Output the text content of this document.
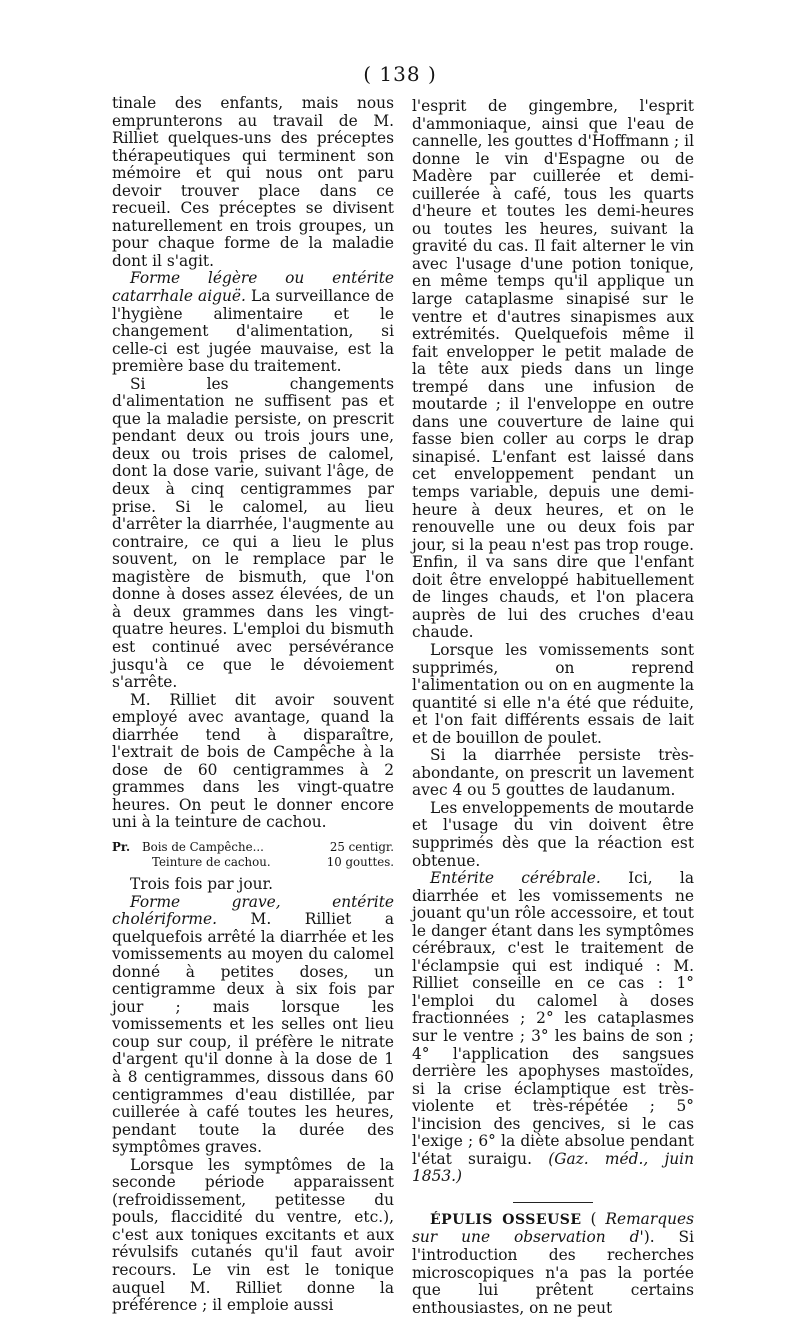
( 138 )

tinale des enfants, mais nous emprunterons au travail de M. Rilliet quelques-uns des préceptes thérapeutiques qui terminent son mémoire et qui nous ont paru devoir trouver place dans ce recueil. Ces préceptes se divisent naturellement en trois groupes, un pour chaque forme de la maladie dont il s'agit.

Forme légère ou entérite catarrhale aiguë. La surveillance de l'hygiène alimentaire et le changement d'alimentation, si celle-ci est jugée mauvaise, est la première base du traitement.

Si les changements d'alimentation ne suffisent pas et que la maladie persiste, on prescrit pendant deux ou trois jours une, deux ou trois prises de calomel, dont la dose varie, suivant l'âge, de deux à cinq centigrammes par prise. Si le calomel, au lieu d'arrêter la diarrhée, l'augmente au contraire, ce qui a lieu le plus souvent, on le remplace par le magistère de bismuth, que l'on donne à doses assez élevées, de un à deux grammes dans les vingt-quatre heures. L'emploi du bismuth est continué avec persévérance jusqu'à ce que le dévoiement s'arrête.

M. Rilliet dit avoir souvent employé avec avantage, quand la diarrhée tend à disparaître, l'extrait de bois de Campêche à la dose de 60 centigrammes à 2 grammes dans les vingt-quatre heures. On peut le donner encore uni à la teinture de cachou.

Pr.	Bois de Campêche...	25 centigr.
Teinture de cachou.	10 gouttes.

Trois fois par jour.

Forme grave, entérite cholériforme. M. Rilliet a quelquefois arrêté la diarrhée et les vomissements au moyen du calomel donné à petites doses, un centigramme deux à six fois par jour ; mais lorsque les vomissements et les selles ont lieu coup sur coup, il préfère le nitrate d'argent qu'il donne à la dose de 1 à 8 centigrammes, dissous dans 60 centigrammes d'eau distillée, par cuillerée à café toutes les heures, pendant toute la durée des symptômes graves.

Lorsque les symptômes de la seconde période apparaissent (refroidissement, petitesse du pouls, flaccidité du ventre, etc.), c'est aux toniques excitants et aux révulsifs cutanés qu'il faut avoir recours. Le vin est le tonique auquel M. Rilliet donne la préférence ; il emploie aussi

l'esprit de gingembre, l'esprit d'ammoniaque, ainsi que l'eau de cannelle, les gouttes d'Hoffmann ; il donne le vin d'Espagne ou de Madère par cuillerée et demi-cuillerée à café, tous les quarts d'heure et toutes les demi-heures ou toutes les heures, suivant la gravité du cas. Il fait alterner le vin avec l'usage d'une potion tonique, en même temps qu'il applique un large cataplasme sinapisé sur le ventre et d'autres sinapismes aux extrémités. Quelquefois même il fait envelopper le petit malade de la tête aux pieds dans un linge trempé dans une infusion de moutarde ; il l'enveloppe en outre dans une couverture de laine qui fasse bien coller au corps le drap sinapisé. L'enfant est laissé dans cet enveloppement pendant un temps variable, depuis une demi-heure à deux heures, et on le renouvelle une ou deux fois par jour, si la peau n'est pas trop rouge. Enfin, il va sans dire que l'enfant doit être enveloppé habituellement de linges chauds, et l'on placera auprès de lui des cruches d'eau chaude.

Lorsque les vomissements sont supprimés, on reprend l'alimentation ou on en augmente la quantité si elle n'a été que réduite, et l'on fait différents essais de lait et de bouillon de poulet.

Si la diarrhée persiste très-abondante, on prescrit un lavement avec 4 ou 5 gouttes de laudanum.

Les enveloppements de moutarde et l'usage du vin doivent être supprimés dès que la réaction est obtenue.

Entérite cérébrale. Ici, la diarrhée et les vomissements ne jouant qu'un rôle accessoire, et tout le danger étant dans les symptômes cérébraux, c'est le traitement de l'éclampsie qui est indiqué : M. Rilliet conseille en ce cas : 1° l'emploi du calomel à doses fractionnées ; 2° les cataplasmes sur le ventre ; 3° les bains de son ; 4° l'application des sangsues derrière les apophyses mastoïdes, si la crise éclamptique est très-violente et très-répétée ; 5° l'incision des gencives, si le cas l'exige ; 6° la diète absolue pendant l'état suraigu. (Gaz. méd., juin 1853.)

ÉPULIS OSSEUSE ( Remarques sur une observation d'). Si l'introduction des recherches microscopiques n'a pas la portée que lui prêtent certains enthousiastes, on ne peut
